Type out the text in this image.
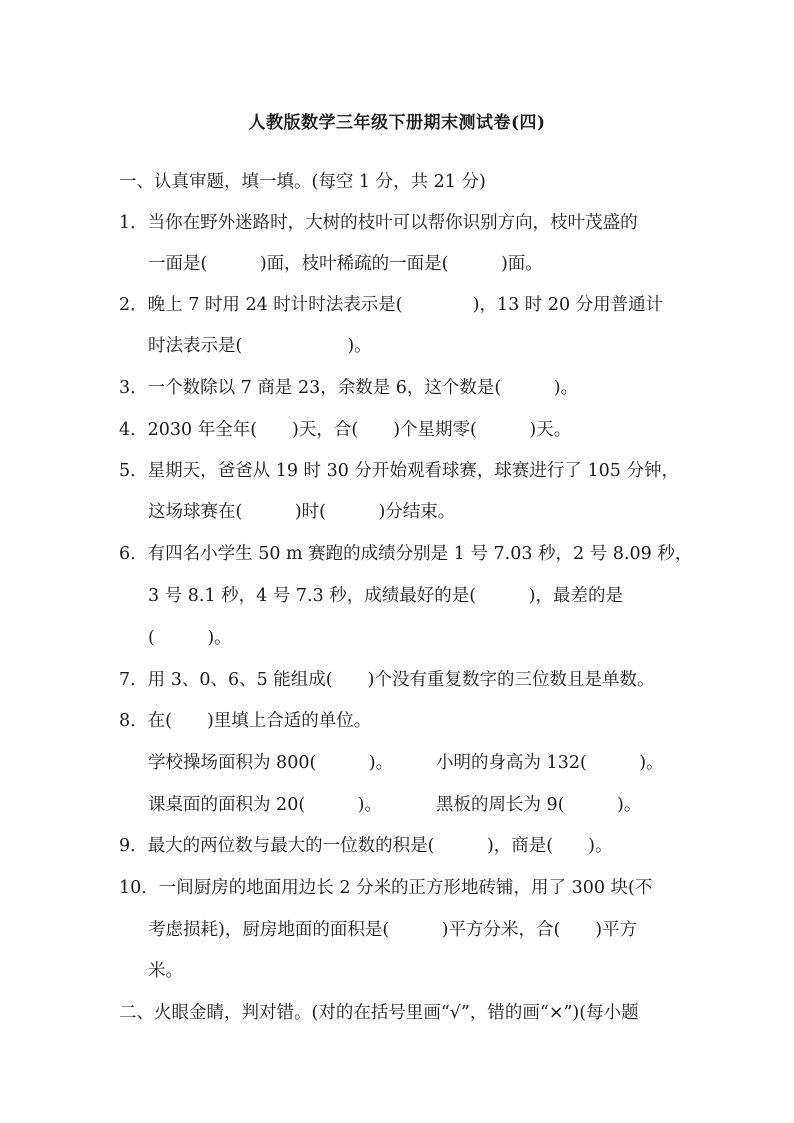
人教版数学三年级下册期末测试卷(四)
一、认真审题，填一填。(每空 1 分，共 21 分)
1．当你在野外迷路时，大树的枝叶可以帮你识别方向，枝叶茂盛的
一面是(　　　)面，枝叶稀疏的一面是(　　　)面。
2．晚上 7 时用 24 时计时法表示是(　　　　)，13 时 20 分用普通计
时法表示是(　　　　　　)。
3．一个数除以 7 商是 23，余数是 6，这个数是(　　　)。
4．2030 年全年(　　)天，合(　　)个星期零(　　　)天。
5．星期天，爸爸从 19 时 30 分开始观看球赛，球赛进行了 105 分钟，
这场球赛在(　　　)时(　　　)分结束。
6．有四名小学生 50 m 赛跑的成绩分别是 1 号 7.03 秒，2 号 8.09 秒，
3 号 8.1 秒，4 号 7.3 秒，成绩最好的是(　　　)，最差的是
(　　　)。
7．用 3、0、6、5 能组成(　　)个没有重复数字的三位数且是单数。
8．在(　　)里填上合适的单位。
学校操场面积为 800(　　　)。	小明的身高为 132(　　　)。
课桌面的面积为 20(　　　)。	黑板的周长为 9(　　　)。
9．最大的两位数与最大的一位数的积是(　　　)，商是(　　)。
10．一间厨房的地面用边长 2 分米的正方形地砖铺，用了 300 块(不
考虑损耗)，厨房地面的面积是(　　　)平方分米，合(　　)平方
米。
二、火眼金睛，判对错。(对的在括号里画“√”，错的画“×”)(每小题
